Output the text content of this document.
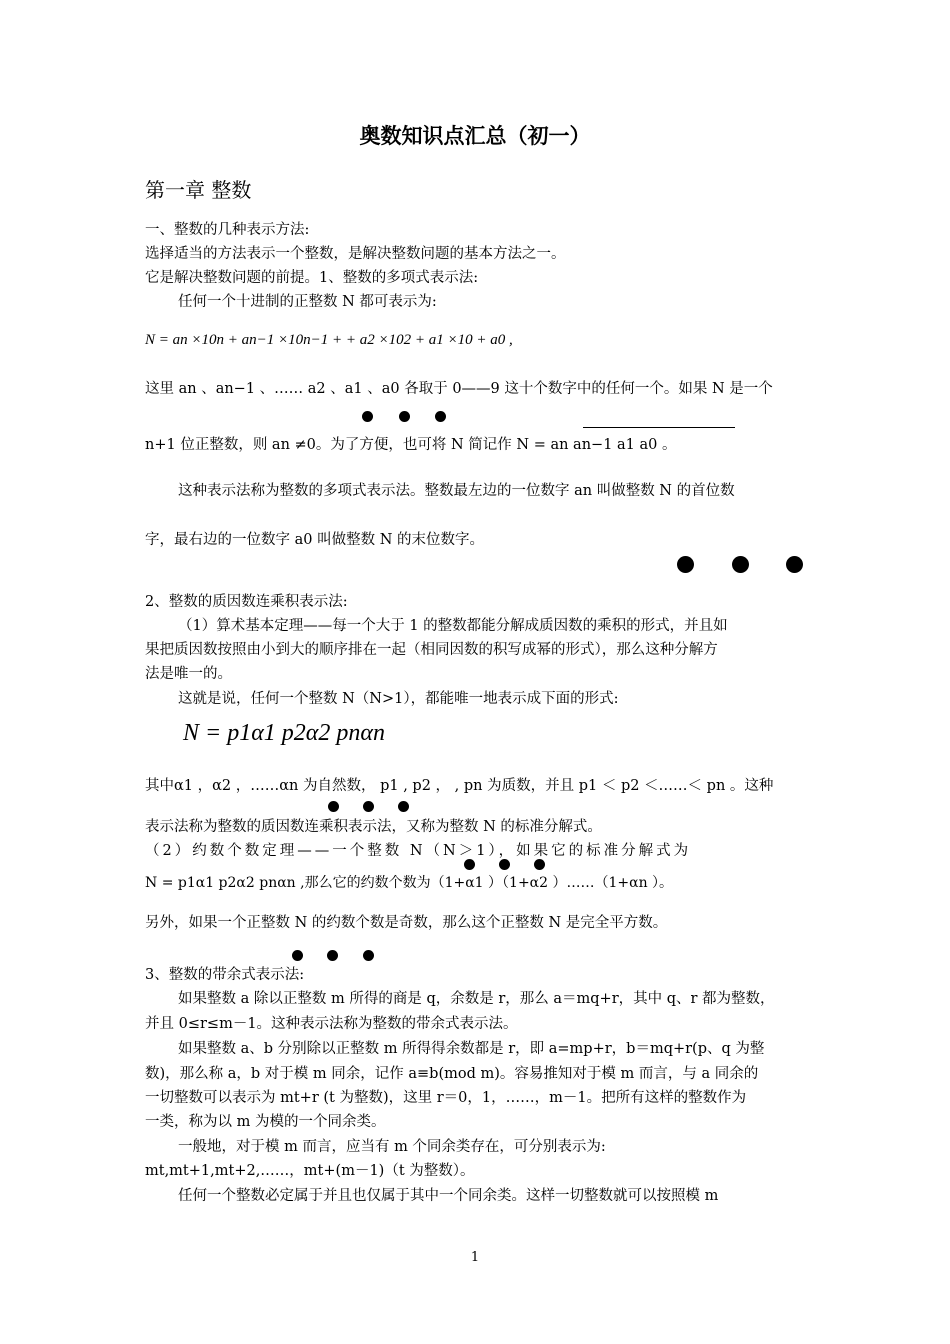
奥数知识点汇总（初一）
第一章 整数
一、整数的几种表示方法:
选择适当的方法表示一个整数，是解决整数问题的基本方法之一。
它是解决整数问题的前提。1、整数的多项式表示法:
任何一个十进制的正整数 N 都可表示为:
N = an ×10n + an−1 ×10n−1 + + a2 ×102 + a1 ×10 + a0 ,
这里 an 、an−1 、…… a2 、a1 、a0 各取于 0——9 这十个数字中的任何一个。如果 N 是一个
n+1 位正整数，则 an ≠0。为了方便，也可将 N 简记作 N = an an−1 a1 a0 。
这种表示法称为整数的多项式表示法。整数最左边的一位数字 an 叫做整数 N 的首位数
字，最右边的一位数字 a0 叫做整数 N 的末位数字。
2、整数的质因数连乘积表示法:
（1）算术基本定理——每一个大于 1 的整数都能分解成质因数的乘积的形式，并且如
果把质因数按照由小到大的顺序排在一起（相同因数的积写成幂的形式），那么这种分解方
法是唯一的。
这就是说，任何一个整数 N（N>1），都能唯一地表示成下面的形式:
N = p1α1 p2α2 pnαn
其中α1 ，α2 ，……αn 为自然数， p1 , p2 ， , pn 为质数，并且 p1 ＜ p2 ＜……＜ pn 。这种
表示法称为整数的质因数连乘积表示法，又称为整数 N 的标准分解式。
（2）约数个数定理——一个整数 N（N＞1），如果它的标准分解式为
N = p1α1 p2α2 pnαn ,那么它的约数个数为（1+α1 ）（1+α2 ）……（1+αn ）。
另外，如果一个正整数 N 的约数个数是奇数，那么这个正整数 N 是完全平方数。
3、整数的带余式表示法:
如果整数 a 除以正整数 m 所得的商是 q，余数是 r，那么 a＝mq+r，其中 q、r 都为整数，
并且 0≤r≤m－1。这种表示法称为整数的带余式表示法。
如果整数 a、b 分别除以正整数 m 所得得余数都是 r，即 a=mp+r，b＝mq+r(p、q 为整
数)，那么称 a，b 对于模 m 同余，记作 a≡b(mod m)。容易推知对于模 m 而言，与 a 同余的
一切整数可以表示为 mt+r (t 为整数)，这里 r＝0，1，……，m－1。把所有这样的整数作为
一类，称为以 m 为模的一个同余类。
一般地，对于模 m 而言，应当有 m 个同余类存在，可分别表示为:
mt,mt+1,mt+2,……，mt+(m－1)（t 为整数）。
任何一个整数必定属于并且也仅属于其中一个同余类。这样一切整数就可以按照模 m
1
